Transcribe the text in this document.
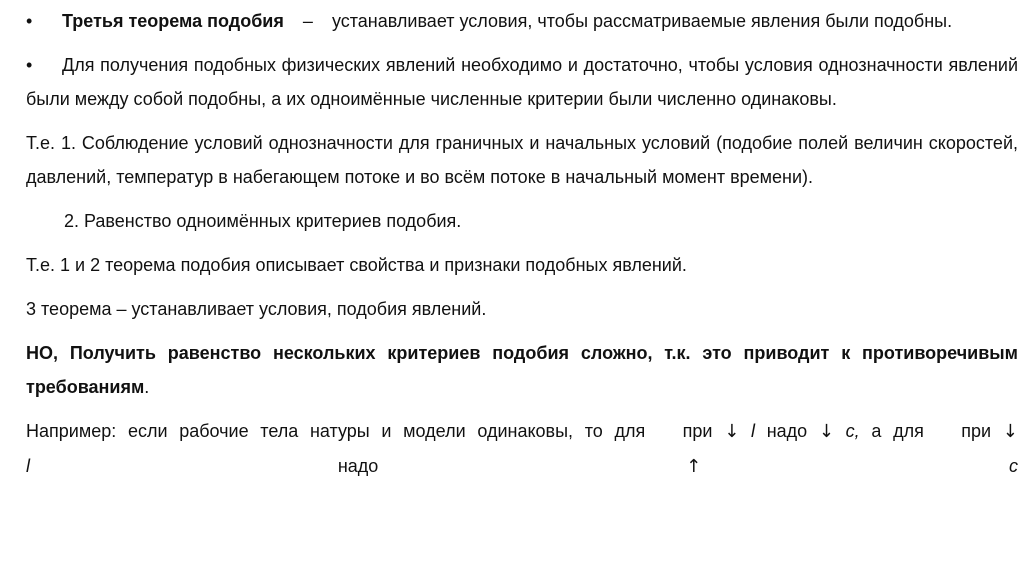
• Третья теорема подобия – устанавливает условия, чтобы рассматриваемые явления были подобны.

• Для получения подобных физических явлений необходимо и достаточно, чтобы условия однозначности явлений были между собой подобны, а их одноимённые численные критерии были численно одинаковы.

Т.е. 1. Соблюдение условий однозначности для граничных и начальных условий (подобие полей величин скоростей, давлений, температур в набегающем потоке и во всём потоке в начальный момент времени).

2. Равенство одноимённых критериев подобия.

Т.е. 1 и 2 теорема подобия описывает свойства и признаки подобных явлений.

3 теорема – устанавливает условия, подобия явлений.

НО, Получить равенство нескольких критериев подобия сложно, т.к. это приводит к противоречивым требованиям.

Например: если рабочие тела натуры и модели одинаковы, то для при ↓ l надо ↓ с, а для при ↓
l	надо	↑	с
